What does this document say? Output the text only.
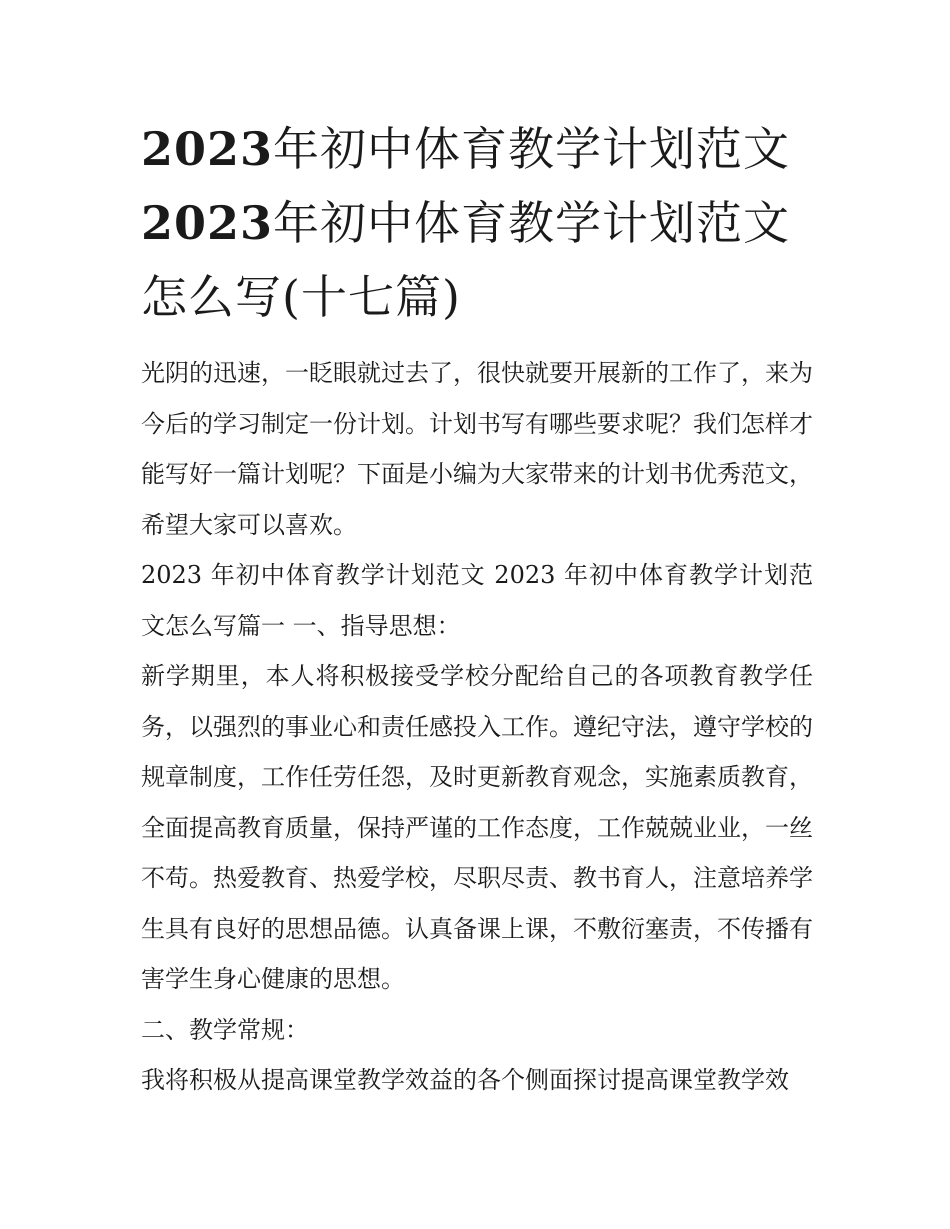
2023年初中体育教学计划范文2023年初中体育教学计划范文怎么写(十七篇)

光阴的迅速，一眨眼就过去了，很快就要开展新的工作了，来为今后的学习制定一份计划。计划书写有哪些要求呢？我们怎样才能写好一篇计划呢？下面是小编为大家带来的计划书优秀范文，希望大家可以喜欢。

2023 年初中体育教学计划范文 2023 年初中体育教学计划范文怎么写篇一 一、指导思想：

新学期里，本人将积极接受学校分配给自己的各项教育教学任务，以强烈的事业心和责任感投入工作。遵纪守法，遵守学校的规章制度，工作任劳任怨，及时更新教育观念，实施素质教育，全面提高教育质量，保持严谨的工作态度，工作兢兢业业，一丝不苟。热爱教育、热爱学校，尽职尽责、教书育人，注意培养学生具有良好的思想品德。认真备课上课，不敷衍塞责，不传播有害学生身心健康的思想。

二、教学常规：

我将积极从提高课堂教学效益的各个侧面探讨提高课堂教学效
